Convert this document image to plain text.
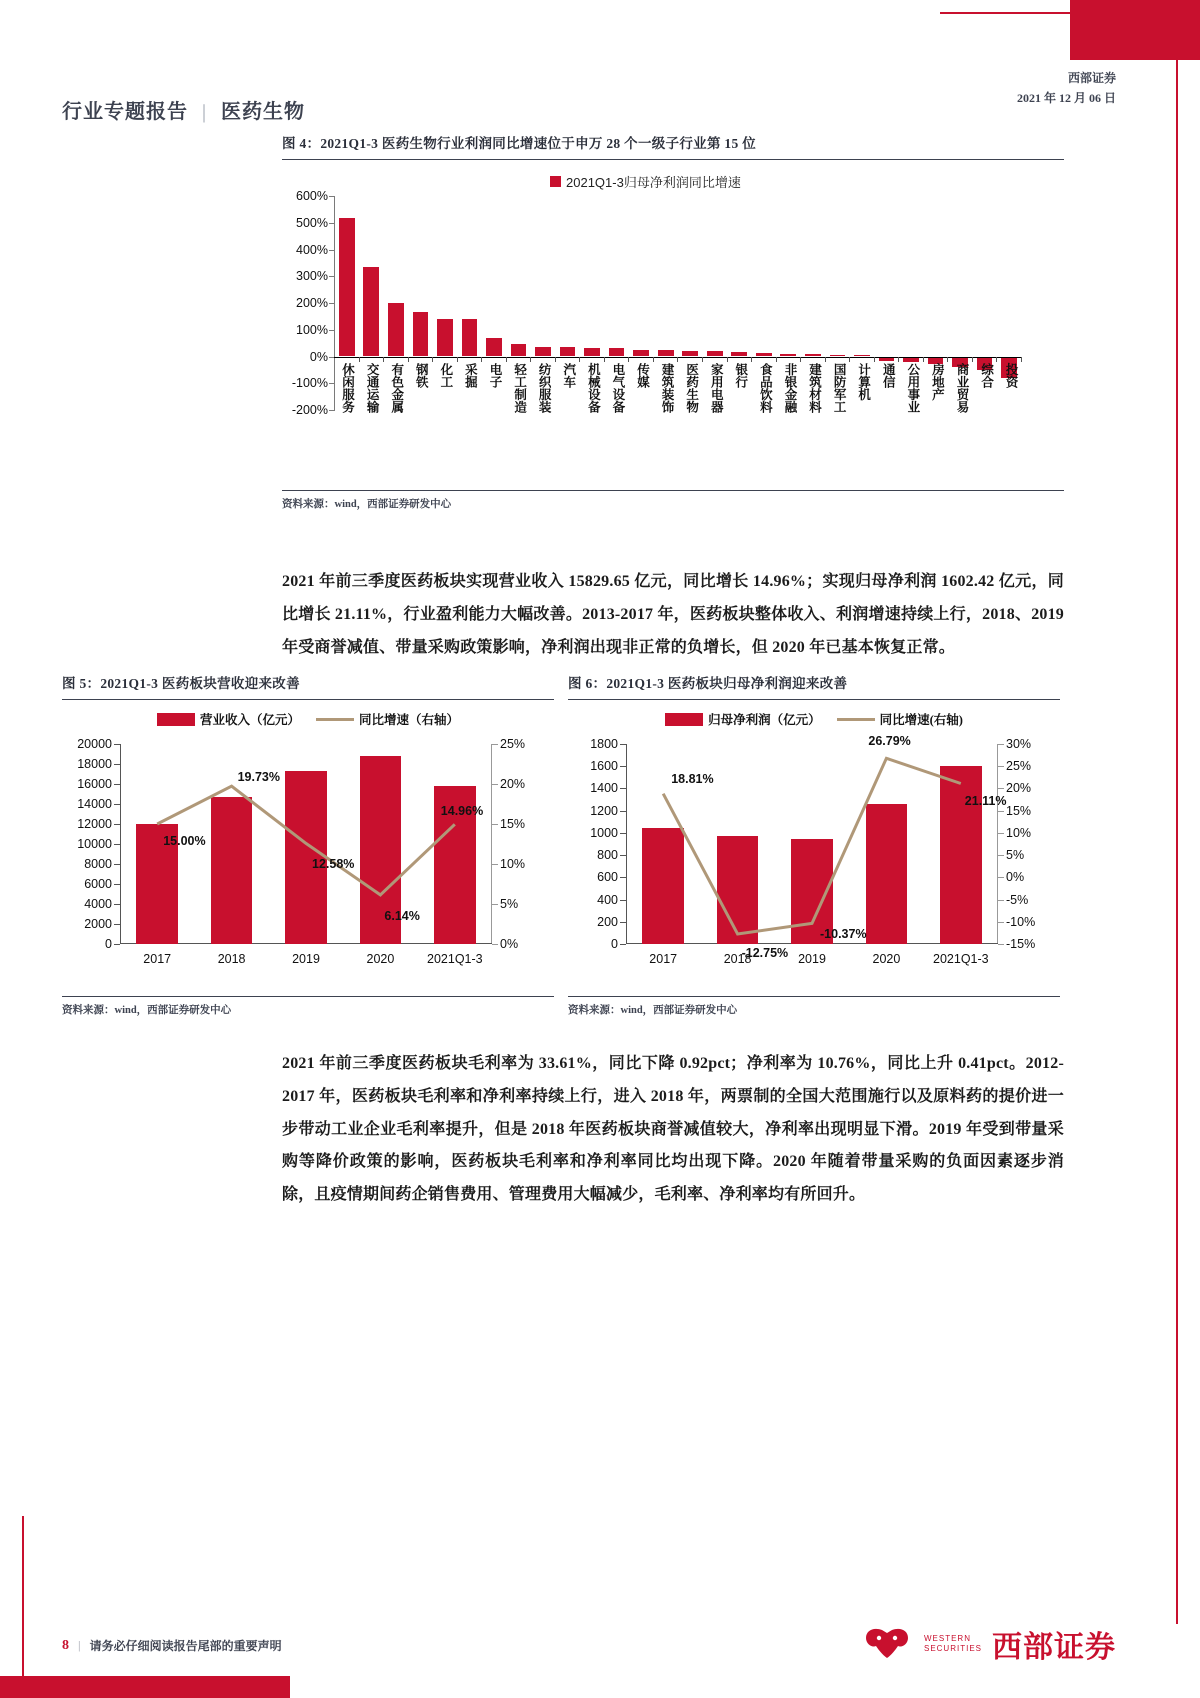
行业专题报告 | 医药生物
西部证券
2021 年 12 月 06 日
图 4：2021Q1-3 医药生物行业利润同比增速位于申万 28 个一级子行业第 15 位
2021Q1-3归母净利润同比增速
600%
500%
400%
300%
200%
100%
0%
-100%
-200% 休闲服务 交通运输 有色金属 钢铁 化工 采掘 电子 轻工制造 纺织服装 汽车 机械设备 电气设备 传媒 建筑装饰 医药生物 家用电器 银行 食品饮料 非银金融 建筑材料 国防军工 计算机 通信 公用事业 房地产 商业贸易 综合 投资
资料来源：wind，西部证券研发中心
2021 年前三季度医药板块实现营业收入 15829.65 亿元，同比增长 14.96%；实现归母净利润 1602.42 亿元，同比增长 21.11%，行业盈利能力大幅改善。2013-2017 年，医药板块整体收入、利润增速持续上行，2018、2019 年受商誉减值、带量采购政策影响，净利润出现非正常的负增长，但 2020 年已基本恢复正常。
图 5：2021Q1-3 医药板块营收迎来改善
营业收入（亿元）	同比增速（右轴）
20000
18000
16000
14000
12000
10000
8000
6000
4000
2000
0
25%
20%
15%
10%
5%
0%
15.00%
19.73%
12.58%
6.14%
14.96%
2017	2018	2019	2020	2021Q1-3
资料来源：wind，西部证券研发中心
图 6：2021Q1-3 医药板块归母净利润迎来改善
归母净利润（亿元）	同比增速(右轴)
1800
1600
1400
1200
1000
800
600
400
200
0
30%
25%
20%
15%
10%
5%
0%
-5%
-10%
-15%
18.81%
-12.75%
-10.37%
26.79%
21.11%
2017	2018	2019	2020	2021Q1-3
资料来源：wind，西部证券研发中心
2021 年前三季度医药板块毛利率为 33.61%，同比下降 0.92pct；净利率为 10.76%，同比上升 0.41pct。2012-2017 年，医药板块毛利率和净利率持续上行，进入 2018 年，两票制的全国大范围施行以及原料药的提价进一步带动工业企业毛利率提升，但是 2018 年医药板块商誉减值较大，净利率出现明显下滑。2019 年受到带量采购等降价政策的影响，医药板块毛利率和净利率同比均出现下降。2020 年随着带量采购的负面因素逐步消除，且疫情期间药企销售费用、管理费用大幅减少，毛利率、净利率均有所回升。
8 | 请务必仔细阅读报告尾部的重要声明
WESTERN
SECURITIES 西部证券
